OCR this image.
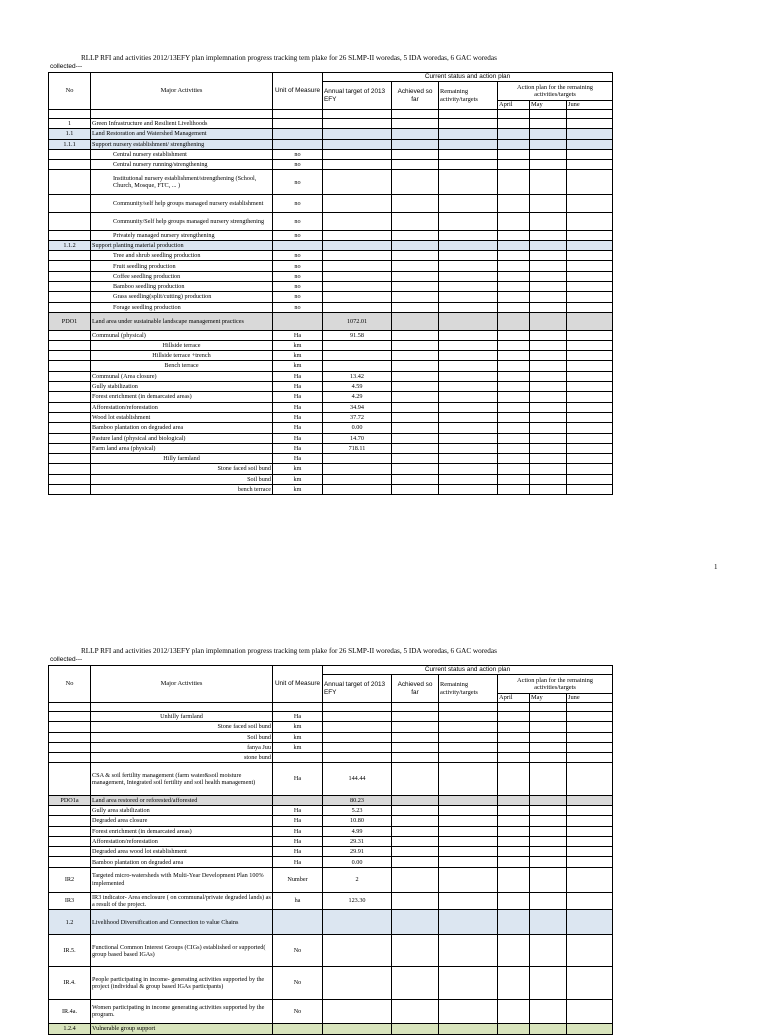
RLLP RFI and activities 2012/13EFY plan implemnation progress tracking tem plake for 26 SLMP-II woredas, 5 IDA woredas, 6 GAC woredas
collected---
No	Major Activities	Unit of Measure	Current status and action plan					
			Annual target of 2013 EFY	Achieved so far	Remaining activity/targets	Action plan for the remaining activities/targets		
						April	May	June

1	Green Infrastructure and Resilient Livelihoods							
1.1	Land Restoration and Watershed Management							
1.1.1	Support nursery establishment/ strengthening							
	Central nursery establishment	no						
	Central nursery running/strengthening	no						
	Institutional nursery establishment/strengthening (School, Church, Mosque, FTC, ... )	no						
	Community/self help groups managed nursery establishment	no						
	Community/Self help groups managed nursery strengthening	no						
	Privately managed nursery strengthening	no						
1.1.2	Support planting material production							
	Tree and shrub seedling production	no						
	Fruit seedling production	no						
	Coffee seedling production	no						
	Bamboo seedling production	no						
	Grass seedling(split/cutting) production	no						
	Forage seedling production	no						
PDO1	Land area under sustainable landscape management practices		1072.01					
	Communal (physical)	Ha	91.58					
	Hillside terrace	km						
	Hillside terrace +trench	km						
	Bench terrace	km						
	Communal (Area closure)	Ha	13.42					
	Gully stabilization	Ha	4.59					
	Forest enrichment (in demarcated areas)	Ha	4.29					
	Afforestation/reforestation	Ha	34.94					
	Wood lot establishment	Ha	37.72					
	Bamboo plantation on degraded area	Ha	0.00					
	Pasture land (physical and biological)	Ha	14.70					
	Farm land area (physical)	Ha	718.11					
	Hilly farmland	Ha						
	Stone faced soil bund	km						
	Soil bund	km						
	bench terrace	km						
1
RLLP RFI and activities 2012/13EFY plan implemnation progress tracking tem plake for 26 SLMP-II woredas, 5 IDA woredas, 6 GAC woredas
collected---
No	Major Activities	Unit of Measure	Current status and action plan					
			Annual target of 2013 EFY	Achieved so far	Remaining activity/targets	Action plan for the remaining activities/targets		
						April	May	June

	Unhilly farmland	Ha						
	Stone faced soil bund	km						
	Soil bund	km						
	fanya Juu	km						
	stone bund							
	CSA & soil fertility management (farm water&soil moisture management, Integrated soil fertility and soil health management)	Ha	144.44					
PDO1a	Land area restored or reforested/afforested		80.23					
	Gully area stabilization	Ha	5.23					
	Degraded area closure	Ha	10.80					
	Forest enrichment (in demarcated areas)	Ha	4.99					
	Afforestation/reforestation	Ha	29.31					
	Degraded area wood lot establishment	Ha	29.91					
	Bamboo plantation on degraded area	Ha	0.00					
IR2	Targeted micro-watersheds with Multi-Year Development Plan 100% implemented	Number	2					
IR3	IR3 indicator- Area enclosure ( on communal/private degraded lands) as a result of the project.	ha	123.30					
1.2	Livelihood Diversification and Connection to value Chains							
IR.5.	Functional Common Interest Groups (CIGs) established or supported( group based based IGAs)	No						
IR.4.	People participating in income- generating activities supported by the project (individual & group based IGAs participants)	No						
IR.4a.	Women participating in income generating activities supported by the program.	No						
1.2.4	Vulnerable group support							
